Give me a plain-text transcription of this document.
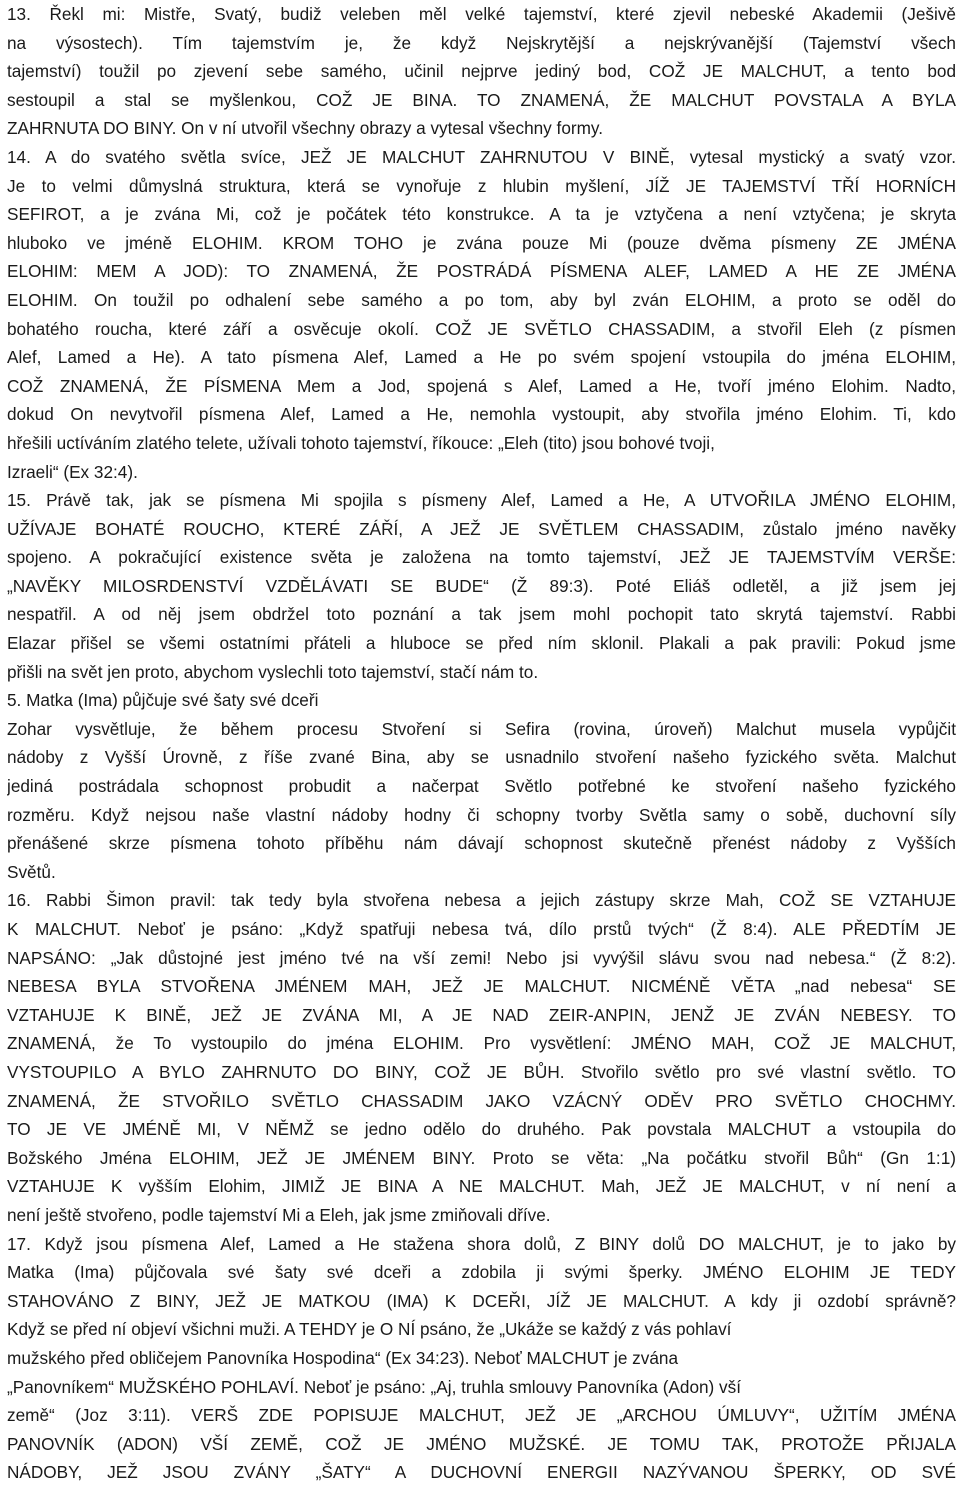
13. Řekl mi: Mistře, Svatý, budiž veleben měl velké tajemství, které zjevil nebeské Akademii (Ješivě
na výsostech). Tím tajemstvím je, že když Nejskrytější a nejskrývanější (Tajemství všech
tajemství) toužil po zjevení sebe samého, učinil nejprve jediný bod, COŽ JE MALCHUT, a tento bod
sestoupil a stal se myšlenkou, COŽ JE BINA. TO ZNAMENÁ, ŽE MALCHUT POVSTALA A BYLA
ZAHRNUTA DO BINY. On v ní utvořil všechny obrazy a vytesal všechny formy.
14. A do svatého světla svíce, JEŽ JE MALCHUT ZAHRNUTOU V BINĚ, vytesal mystický a svatý vzor.
Je to velmi důmyslná struktura, která se vynořuje z hlubin myšlení, JÍŽ JE TAJEMSTVÍ TŘÍ HORNÍCH
SEFIROT, a je zvána Mi, což je počátek této konstrukce. A ta je vztyčena a není vztyčena; je skryta
hluboko ve jméně ELOHIM. KROM TOHO je zvána pouze Mi (pouze dvěma písmeny ZE JMÉNA
ELOHIM: MEM A JOD): TO ZNAMENÁ, ŽE POSTRÁDÁ PÍSMENA ALEF, LAMED A HE ZE JMÉNA
ELOHIM. On toužil po odhalení sebe samého a po tom, aby byl zván ELOHIM, a proto se oděl do
bohatého roucha, které září a osvěcuje okolí. COŽ JE SVĚTLO CHASSADIM, a stvořil Eleh (z písmen
Alef, Lamed a He). A tato písmena Alef, Lamed a He po svém spojení vstoupila do jména ELOHIM,
COŽ ZNAMENÁ, ŽE PÍSMENA Mem a Jod, spojená s Alef, Lamed a He, tvoří jméno Elohim. Nadto,
dokud On nevytvořil písmena Alef, Lamed a He, nemohla vystoupit, aby stvořila jméno Elohim. Ti, kdo
hřešili uctíváním zlatého telete, užívali tohoto tajemství, říkouce: „Eleh (tito) jsou bohové tvoji,
Izraeli“ (Ex 32:4).
15. Právě tak, jak se písmena Mi spojila s písmeny Alef, Lamed a He, A UTVOŘILA JMÉNO ELOHIM,
UŽÍVAJE BOHATÉ ROUCHO, KTERÉ ZÁŘÍ, A JEŽ JE SVĚTLEM CHASSADIM, zůstalo jméno navěky
spojeno. A pokračující existence světa je založena na tomto tajemství, JEŽ JE TAJEMSTVÍM VERŠE:
„NAVĚKY MILOSRDENSTVÍ VZDĚLÁVATI SE BUDE“ (Ž 89:3). Poté Eliáš odletěl, a již jsem jej
nespatřil. A od něj jsem obdržel toto poznání a tak jsem mohl pochopit tato skrytá tajemství. Rabbi
Elazar přišel se všemi ostatními přáteli a hluboce se před ním sklonil. Plakali a pak pravili: Pokud jsme
přišli na svět jen proto, abychom vyslechli toto tajemství, stačí nám to.
5. Matka (Ima) půjčuje své šaty své dceři
Zohar vysvětluje, že během procesu Stvoření si Sefira (rovina, úroveň) Malchut musela vypůjčit
nádoby z Vyšší Úrovně, z říše zvané Bina, aby se usnadnilo stvoření našeho fyzického světa. Malchut
jediná postrádala schopnost probudit a načerpat Světlo potřebné ke stvoření našeho fyzického
rozměru. Když nejsou naše vlastní nádoby hodny či schopny tvorby Světla samy o sobě, duchovní síly
přenášené skrze písmena tohoto příběhu nám dávají schopnost skutečně přenést nádoby z Vyšších
Světů.
16. Rabbi Šimon pravil: tak tedy byla stvořena nebesa a jejich zástupy skrze Mah, COŽ SE VZTAHUJE
K MALCHUT. Neboť je psáno: „Když spatřuji nebesa tvá, dílo prstů tvých“ (Ž 8:4). ALE PŘEDTÍM JE
NAPSÁNO: „Jak důstojné jest jméno tvé na vší zemi! Nebo jsi vyvýšil slávu svou nad nebesa.“ (Ž 8:2).
NEBESA BYLA STVOŘENA JMÉNEM MAH, JEŽ JE MALCHUT. NICMÉNĚ VĚTA „nad nebesa“ SE
VZTAHUJE K BINĚ, JEŽ JE ZVÁNA MI, A JE NAD ZEIR-ANPIN, JENŽ JE ZVÁN NEBESY. TO
ZNAMENÁ, že To vystoupilo do jména ELOHIM. Pro vysvětlení: JMÉNO MAH, COŽ JE MALCHUT,
VYSTOUPILO A BYLO ZAHRNUTO DO BINY, COŽ JE BŮH. Stvořilo světlo pro své vlastní světlo. TO
ZNAMENÁ, ŽE STVOŘILO SVĚTLO CHASSADIM JAKO VZÁCNÝ ODĚV PRO SVĚTLO CHOCHMY.
TO JE VE JMÉNĚ MI, V NĚMŽ se jedno odělo do druhého. Pak povstala MALCHUT a vstoupila do
Božského Jména ELOHIM, JEŽ JE JMÉNEM BINY. Proto se věta: „Na počátku stvořil Bůh“ (Gn 1:1)
VZTAHUJE K vyšším Elohim, JIMIŽ JE BINA A NE MALCHUT. Mah, JEŽ JE MALCHUT, v ní není a
není ještě stvořeno, podle tajemství Mi a Eleh, jak jsme zmiňovali dříve.
17. Když jsou písmena Alef, Lamed a He stažena shora dolů, Z BINY dolů DO MALCHUT, je to jako by
Matka (Ima) půjčovala své šaty své dceři a zdobila ji svými šperky. JMÉNO ELOHIM JE TEDY
STAHOVÁNO Z BINY, JEŽ JE MATKOU (IMA) K DCEŘI, JÍŽ JE MALCHUT. A kdy ji ozdobí správně?
Když se před ní objeví všichni muži. A TEHDY je O NÍ psáno, že „Ukáže se každý z vás pohlaví
mužského před obličejem Panovníka Hospodina“ (Ex 34:23). Neboť MALCHUT je zvána
„Panovníkem“ MUŽSKÉHO POHLAVÍ. Neboť je psáno: „Aj, truhla smlouvy Panovníka (Adon) vší
země“ (Joz 3:11). VERŠ ZDE POPISUJE MALCHUT, JEŽ JE „ARCHOU ÚMLUVY“, UŽITÍM JMÉNA
PANOVNÍK (ADON) VŠÍ ZEMĚ, COŽ JE JMÉNO MUŽSKÉ. JE TOMU TAK, PROTOŽE PŘIJALA
NÁDOBY, JEŽ JSOU ZVÁNY „ŠATY“ A DUCHOVNÍ ENERGII NAZÝVANOU ŠPERKY, OD SVÉ
